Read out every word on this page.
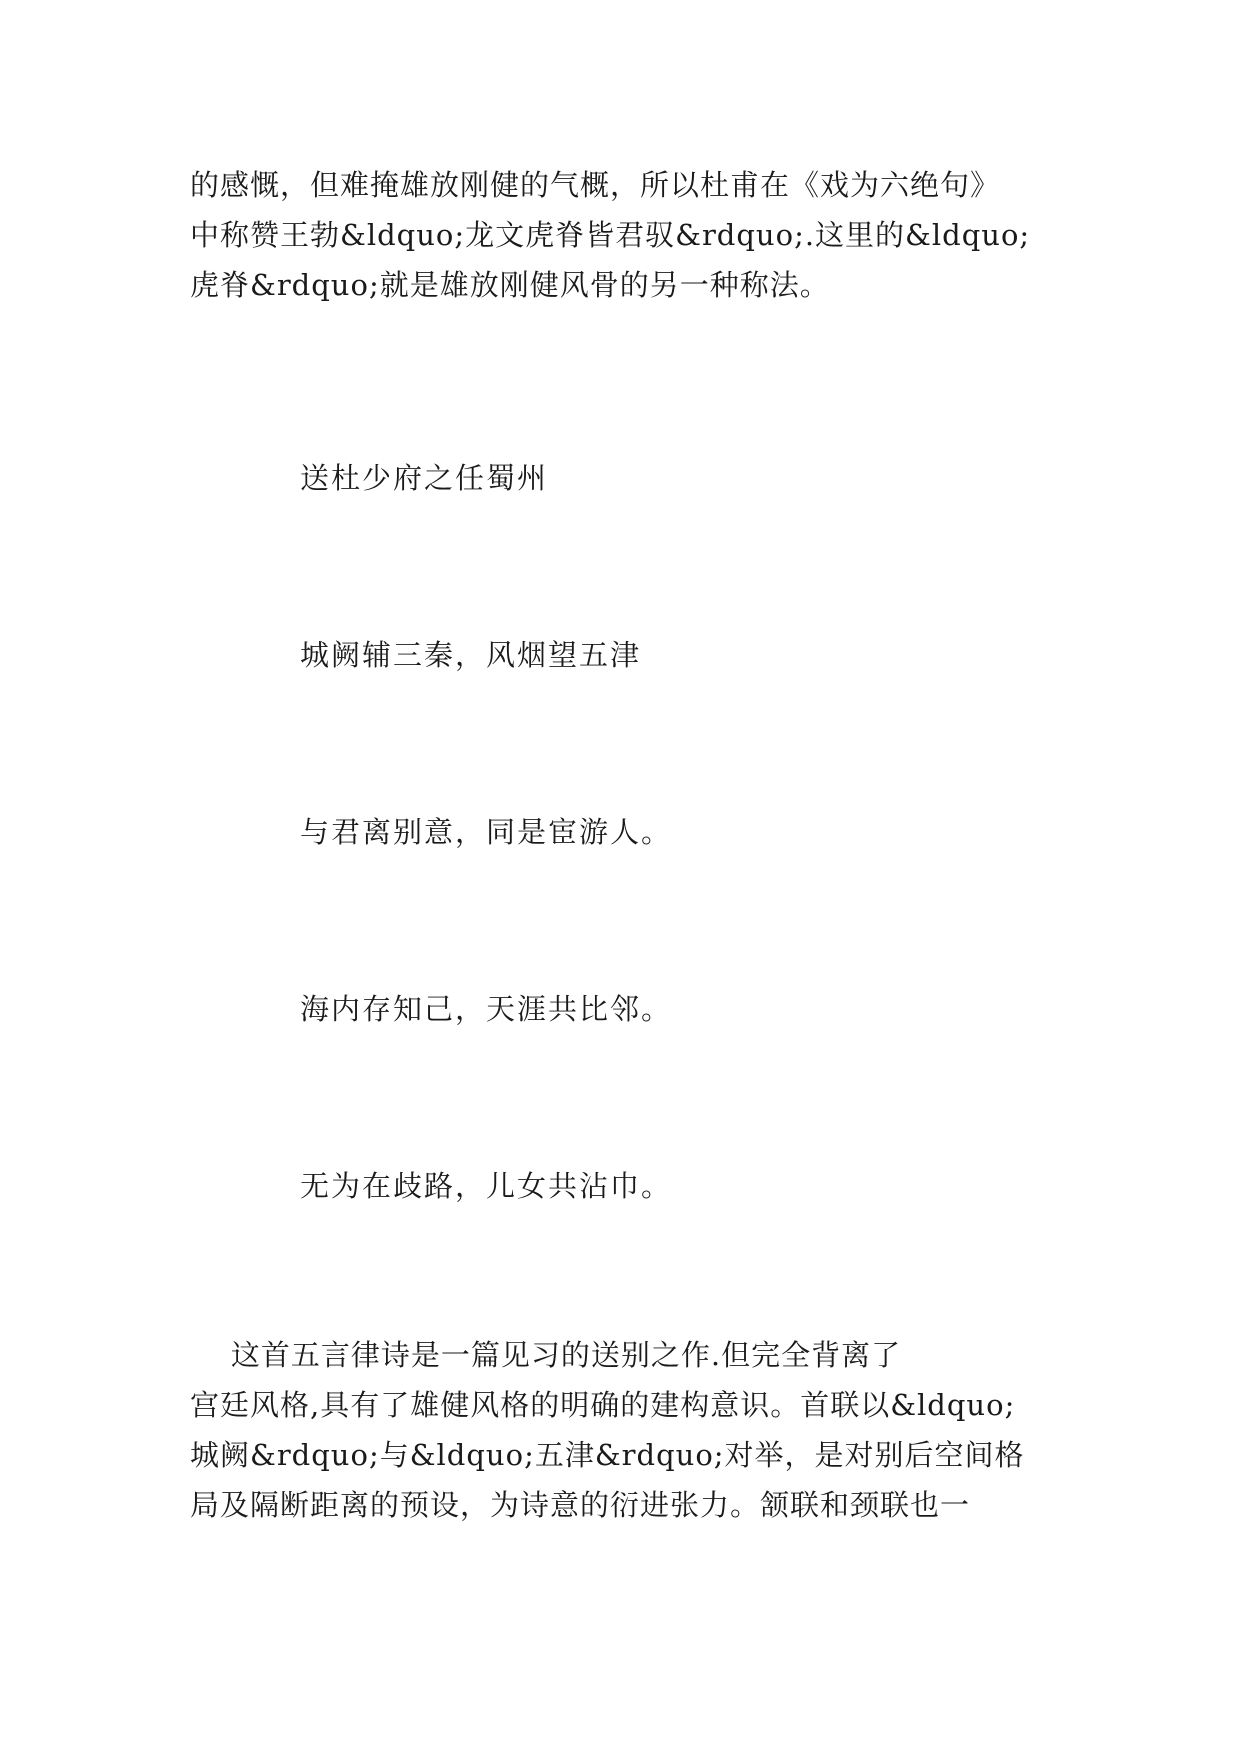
的感慨，但难掩雄放刚健的气概，所以杜甫在《戏为六绝句》
中称赞王勃&ldquo;龙文虎脊皆君驭&rdquo;.这里的&ldquo;
虎脊&rdquo;就是雄放刚健风骨的另一种称法。
送杜少府之任蜀州
城阙辅三秦，风烟望五津
与君离别意，同是宦游人。
海内存知己，天涯共比邻。
无为在歧路，儿女共沾巾。
这首五言律诗是一篇见习的送别之作.但完全背离了
宫廷风格,具有了雄健风格的明确的建构意识。首联以&ldquo;
城阙&rdquo;与&ldquo;五津&rdquo;对举，是对别后空间格
局及隔断距离的预设，为诗意的衍进张力。颔联和颈联也一
